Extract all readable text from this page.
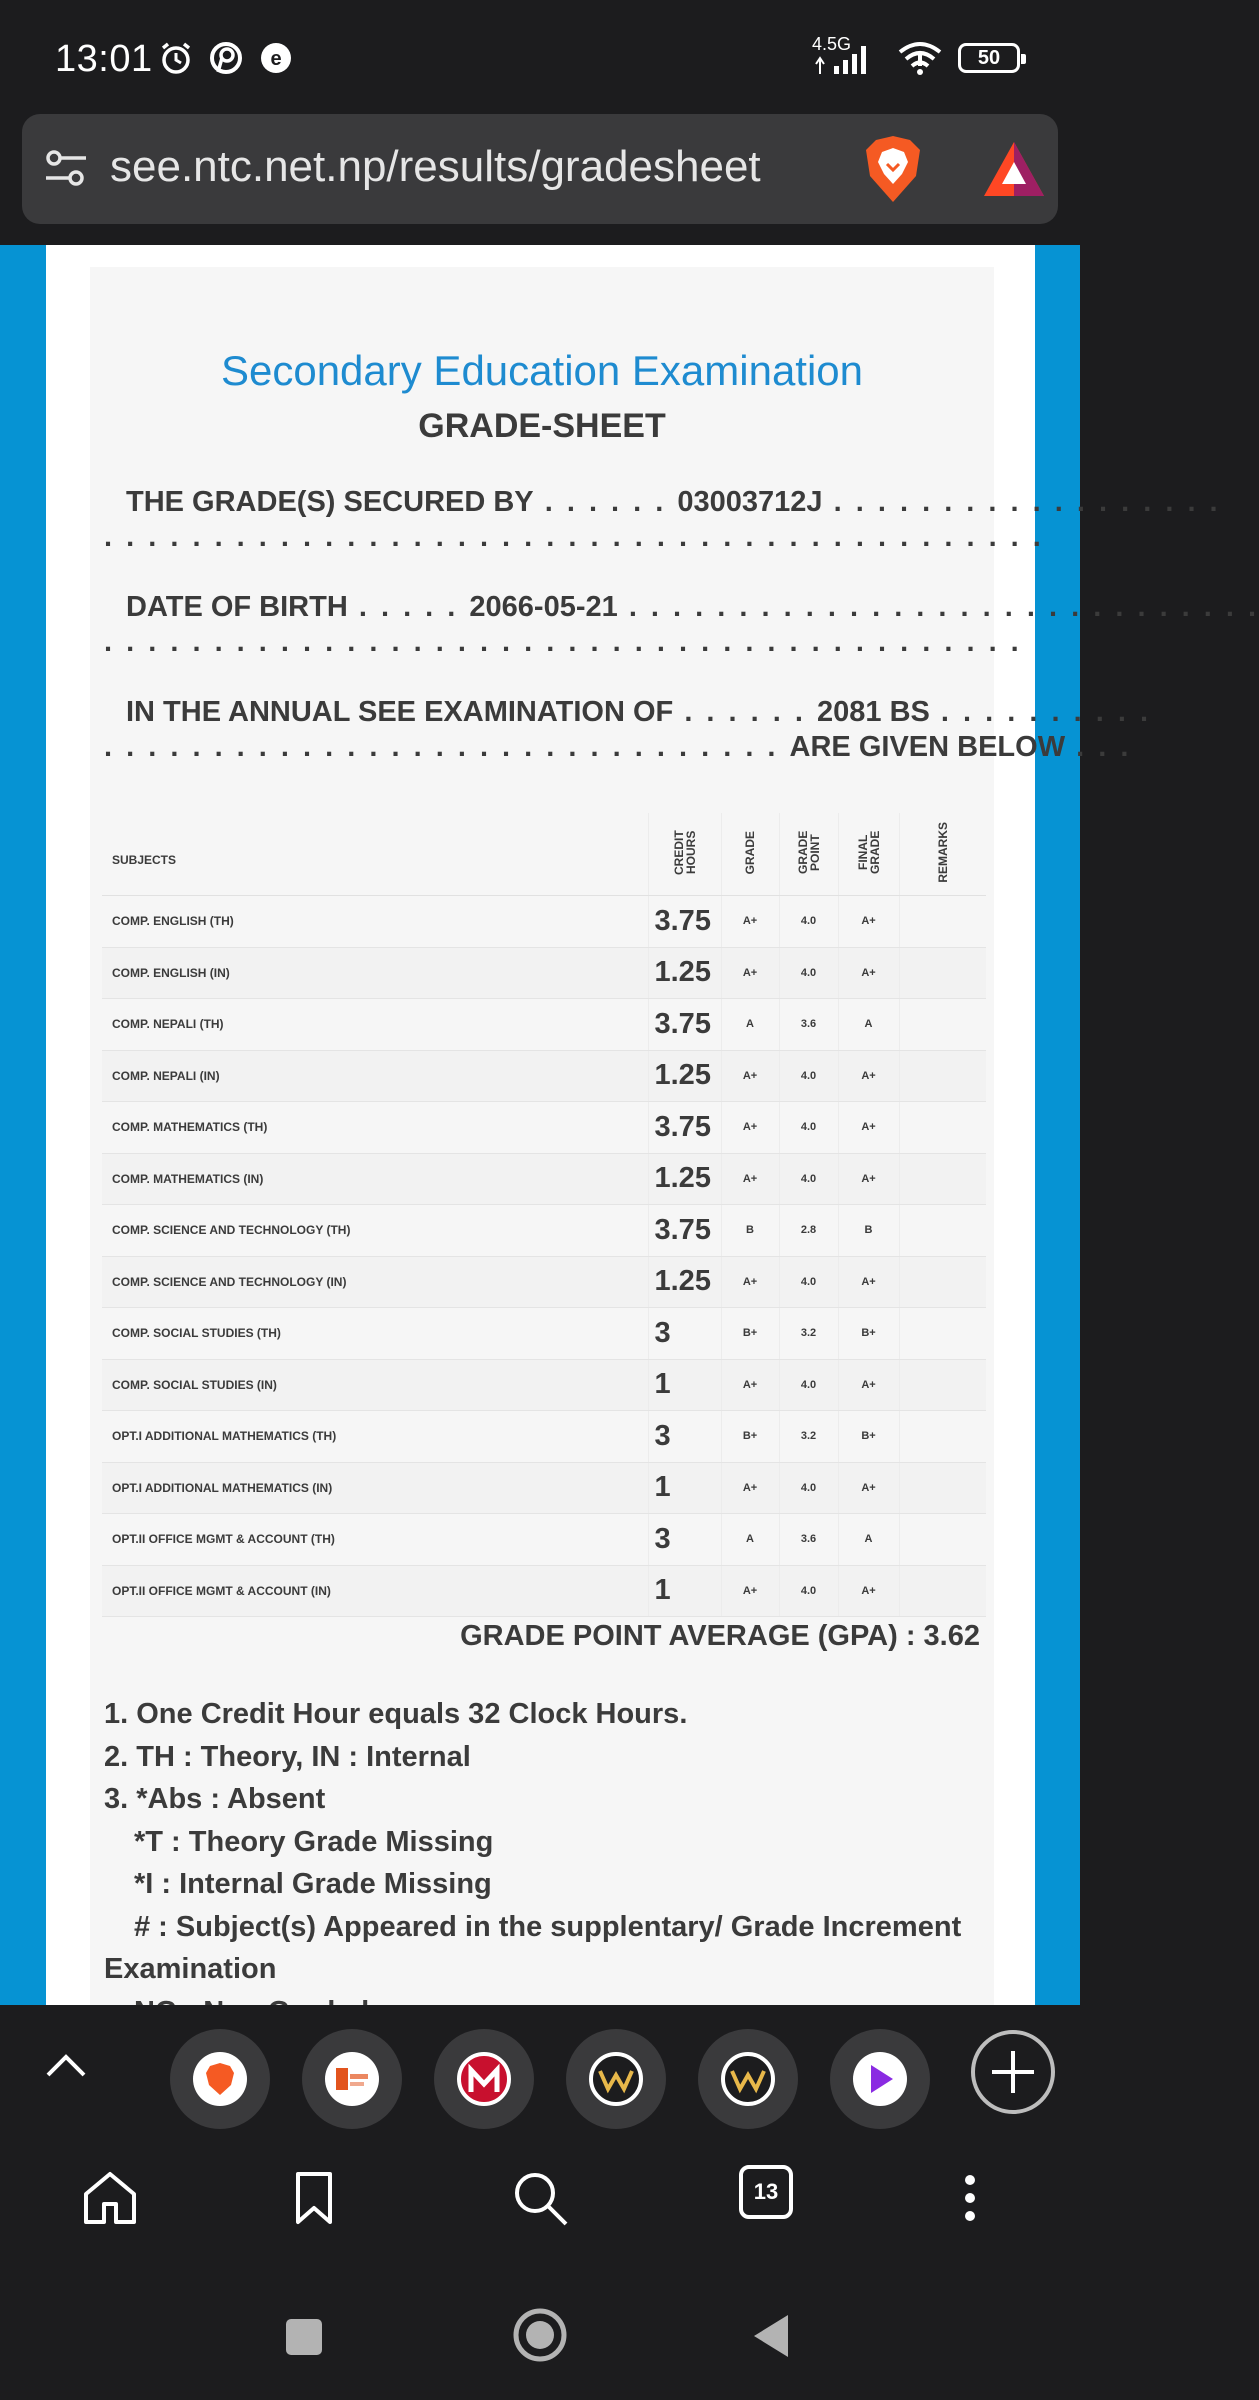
13:01	e
4.5G
50
see.ntc.net.np/results/gradesheet
Secondary Education Examination
GRADE-SHEET
THE GRADE(S) SECURED BY . . . . . . 03003712J . . . . . . . . . . . . . . . . . .
. . . . . . . . . . . . . . . . . . . . . . . . . . . . . . . . . . . . . . . . . . .
DATE OF BIRTH . . . . . 2066-05-21 . . . . . . . . . . . . . . . . . . . . . . . . . . . . .
. . . . . . . . . . . . . . . . . . . . . . . . . . . . . . . . . . . . . . . . . .
IN THE ANNUAL SEE EXAMINATION OF . . . . . . 2081 BS . . . . . . . . . .
. . . . . . . . . . . . . . . . . . . . . . . . . . . . . . . ARE GIVEN BELOW . . .
SUBJECTS	CREDIT HOURS	GRADE	GRADE POINT	FINAL GRADE	REMARKS
COMP. ENGLISH (TH)	3.75	A+	4.0	A+	
COMP. ENGLISH (IN)	1.25	A+	4.0	A+	
COMP. NEPALI (TH)	3.75	A	3.6	A	
COMP. NEPALI (IN)	1.25	A+	4.0	A+	
COMP. MATHEMATICS (TH)	3.75	A+	4.0	A+	
COMP. MATHEMATICS (IN)	1.25	A+	4.0	A+	
COMP. SCIENCE AND TECHNOLOGY (TH)	3.75	B	2.8	B	
COMP. SCIENCE AND TECHNOLOGY (IN)	1.25	A+	4.0	A+	
COMP. SOCIAL STUDIES (TH)	3	B+	3.2	B+	
COMP. SOCIAL STUDIES (IN)	1	A+	4.0	A+	
OPT.I ADDITIONAL MATHEMATICS (TH)	3	B+	3.2	B+	
OPT.I ADDITIONAL MATHEMATICS (IN)	1	A+	4.0	A+	
OPT.II OFFICE MGMT & ACCOUNT (TH)	3	A	3.6	A	
OPT.II OFFICE MGMT & ACCOUNT (IN)	1	A+	4.0	A+	
GRADE POINT AVERAGE (GPA) : 3.62
1. One Credit Hour equals 32 Clock Hours.
2. TH : Theory, IN : Internal
3. *Abs : Absent
*T : Theory Grade Missing
*I : Internal Grade Missing
# : Subject(s) Appeared in the supplentary/ Grade Increment
Examination
13
